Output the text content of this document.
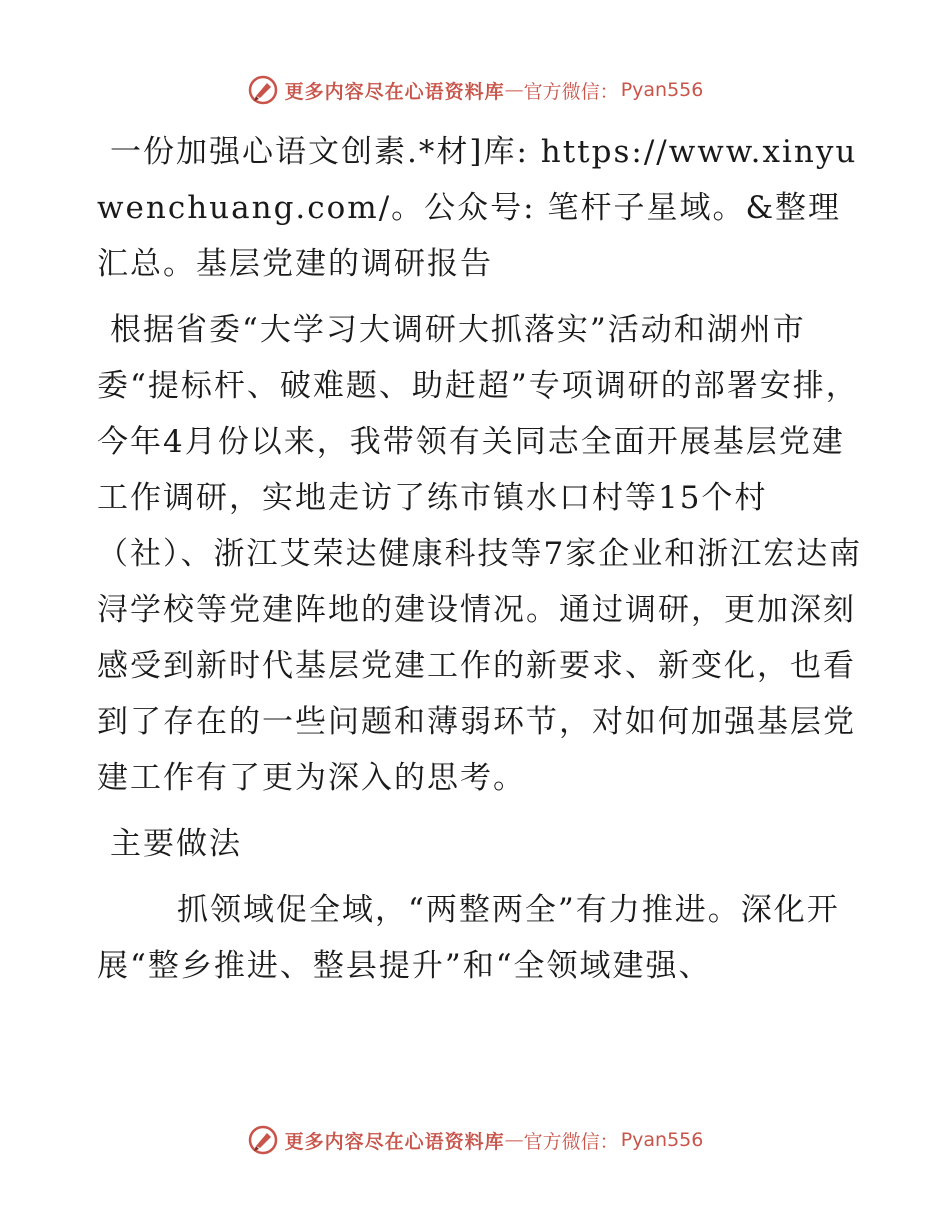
更多内容尽在心语资料库 — 官方微信： Pyan556

一份加强心语文创素.*材]库: https://www.xinyuwenchuang.com/。公众号: 笔杆子星域。&整理汇总。基层党建的调研报告

根据省委“大学习大调研大抓落实”活动和湖州市委“提标杆、破难题、助赶超”专项调研的部署安排，今年4月份以来，我带领有关同志全面开展基层党建工作调研，实地走访了练市镇水口村等15个村（社）、浙江艾荣达健康科技等7家企业和浙江宏达南浔学校等党建阵地的建设情况。通过调研，更加深刻感受到新时代基层党建工作的新要求、新变化，也看到了存在的一些问题和薄弱环节，对如何加强基层党建工作有了更为深入的思考。

主要做法

抓领域促全域，“两整两全”有力推进。深化开展“整乡推进、整县提升”和“全领域建强、

更多内容尽在心语资料库 — 官方微信： Pyan556
